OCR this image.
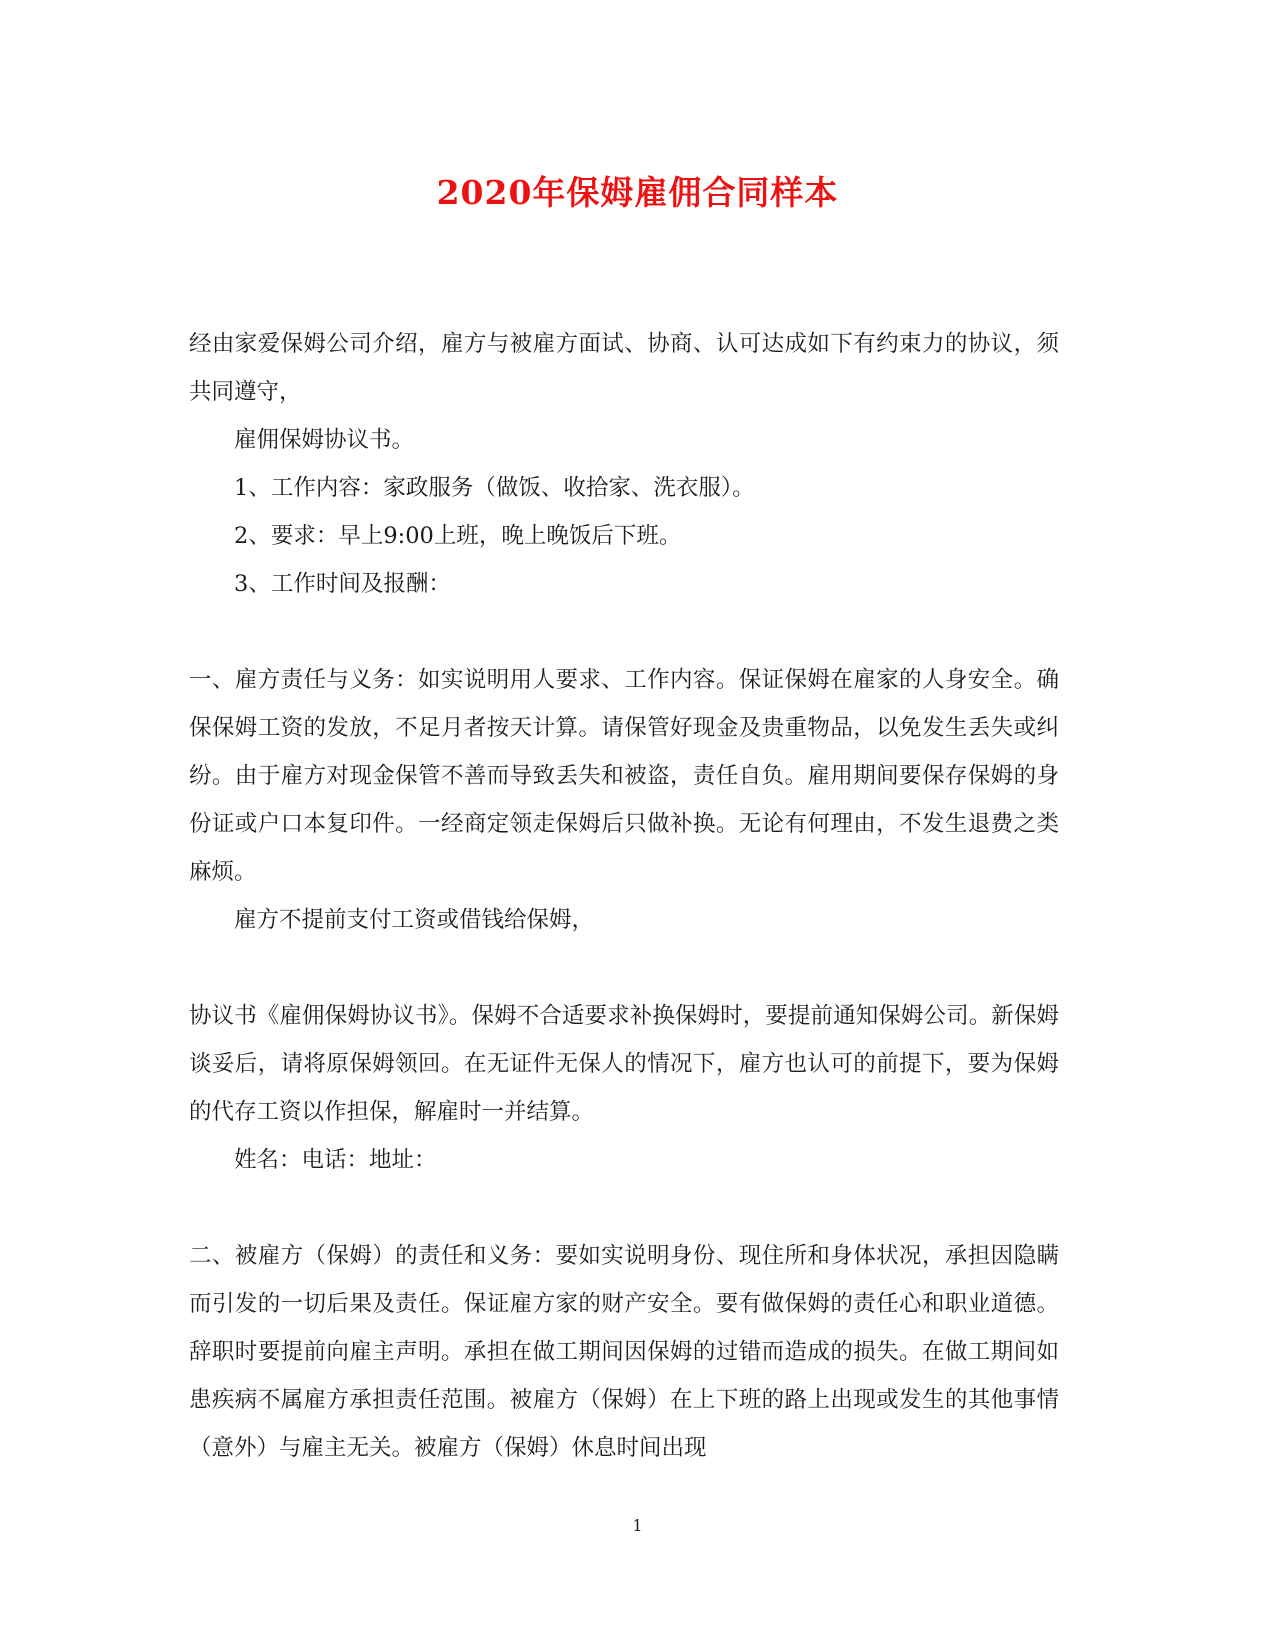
2020年保姆雇佣合同样本

经由家爱保姆公司介绍，雇方与被雇方面试、协商、认可达成如下有约束力的协议，须共同遵守，

雇佣保姆协议书。

1、工作内容：家政服务（做饭、收拾家、洗衣服）。

2、要求：早上9:00上班，晚上晚饭后下班。

3、工作时间及报酬：

一、雇方责任与义务：如实说明用人要求、工作内容。保证保姆在雇家的人身安全。确保保姆工资的发放，不足月者按天计算。请保管好现金及贵重物品，以免发生丢失或纠纷。由于雇方对现金保管不善而导致丢失和被盗，责任自负。雇用期间要保存保姆的身份证或户口本复印件。一经商定领走保姆后只做补换。无论有何理由，不发生退费之类麻烦。

雇方不提前支付工资或借钱给保姆，

协议书《雇佣保姆协议书》。保姆不合适要求补换保姆时，要提前通知保姆公司。新保姆谈妥后，请将原保姆领回。在无证件无保人的情况下，雇方也认可的前提下，要为保姆的代存工资以作担保，解雇时一并结算。

姓名：电话：地址：

二、被雇方（保姆）的责任和义务：要如实说明身份、现住所和身体状况，承担因隐瞒而引发的一切后果及责任。保证雇方家的财产安全。要有做保姆的责任心和职业道德。辞职时要提前向雇主声明。承担在做工期间因保姆的过错而造成的损失。在做工期间如患疾病不属雇方承担责任范围。被雇方（保姆）在上下班的路上出现或发生的其他事情（意外）与雇主无关。被雇方（保姆）休息时间出现

1
